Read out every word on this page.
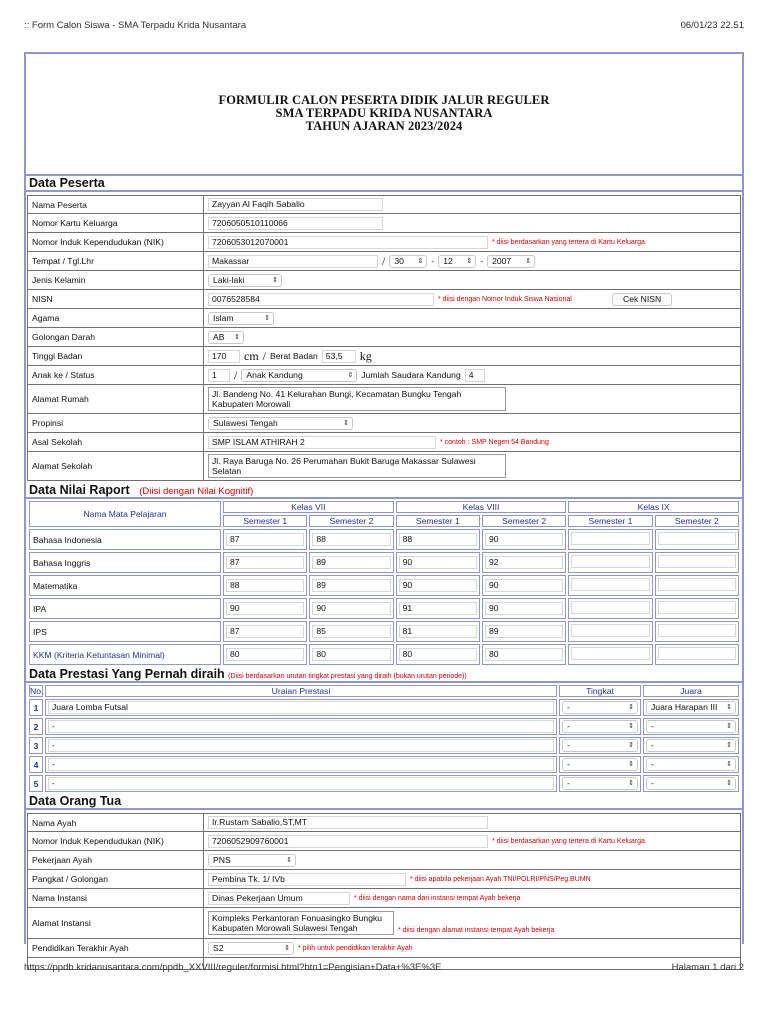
:: Form Calon Siswa - SMA Terpadu Krida Nusantara	06/01/23 22.51
FORMULIR CALON PESERTA DIDIK JALUR REGULER
SMA TERPADU KRIDA NUSANTARA
TAHUN AJARAN 2023/2024
Data Peserta
Nama Peserta	Zayyan Al Faqih Sabalio
Nomor Kartu Keluarga	7206050510110066
Nomor Induk Kependudukan (NIK)	7206053012070001	* diisi berdasarkan yang tertera di Kartu Keluarga
Tempat / Tgl.Lhr	Makassar	/	30 ⇕ -	12 ⇕ -	2007 ⇕
Jenis Kelamin	Laki-laki	⇕
NISN	0076528584	* diisi dengan Nomor Induk Siswa Nasional	Cek NISN
Agama	Islam	⇕
Golongan Darah	AB ⇕
Tinggi Badan	170	cm / Berat Badan 53,5	kg
Anak ke / Status	1	/	Anak Kandung	⇕ Jumlah Saudara Kandung 4
Alamat Rumah	Jl. Bandeng No. 41 Kelurahan Bungi, Kecamatan Bungku Tengah Kabupaten Morowali
Propinsi	Sulawesi Tengah	⇕
Asal Sekolah	SMP ISLAM ATHIRAH 2	* contoh : SMP Negeri 54 Bandung
Alamat Sekolah	Jl. Raya Baruga No. 26 Perumahan Bukit Baruga Makassar Sulawesi Selatan
Data Nilai Raport (Diisi dengan Nilai Kognitif)
Nama Mata Pelajaran	Kelas VII		Kelas VIII		Kelas IX	
	Semester 1	Semester 2	Semester 1	Semester 2	Semester 1	Semester 2
Bahasa Indonesia	87	88	88	90		
Bahasa Inggris	87	89	90	92		
Matematika	88	89	90	90		
IPA	90	90	91	90		
IPS	87	85	81	89		
KKM (Kriteria Ketuntasan Minimal)	80	80	80	80		
Data Prestasi Yang Pernah diraih (Diisi berdasarkan urutan tingkat prestasi yang diraih (bukan urutan periode))
No.	Uraian Prestasi	Tingkat	Juara
1	Juara Lomba Futsal	- ⇕	Juara Harapan III ⇕

2	-	- ⇕	- ⇕

3	-	- ⇕	- ⇕

4	-	- ⇕	- ⇕

5	-	- ⇕	- ⇕
Data Orang Tua
Nama Ayah	Ir.Rustam Sabalio,ST,MT
Nomor Induk Kependudukan (NIK)	7206052909760001	* diisi berdasarkan yang tertera di Kartu Keluarga
Pekerjaan Ayah	PNS	⇕
Pangkat / Golongan	Pembina Tk. 1/ IVb	* diisi apabila pekerjaan Ayah TNI/POLRI/PNS/Peg.BUMN
Nama Instansi	Dinas Pekerjaan Umum	* diisi dengan nama dari instansi tempat Ayah bekerja
Alamat Instansi	Kompleks Perkantoran Fonuasingko Bungku Kabupaten Morowali Sulawesi Tengah	* diisi dengan alamat instansi tempat Ayah bekerja
Pendidikan Terakhir Ayah	S2	⇕ * pilih untuk pendidikan terakhir Ayah
https://ppdb.kridanusantara.com/ppdb_XXVIII/reguler/formisi.html?btn1=Pengisian+Data+%3E%3E	Halaman 1 dari 2
